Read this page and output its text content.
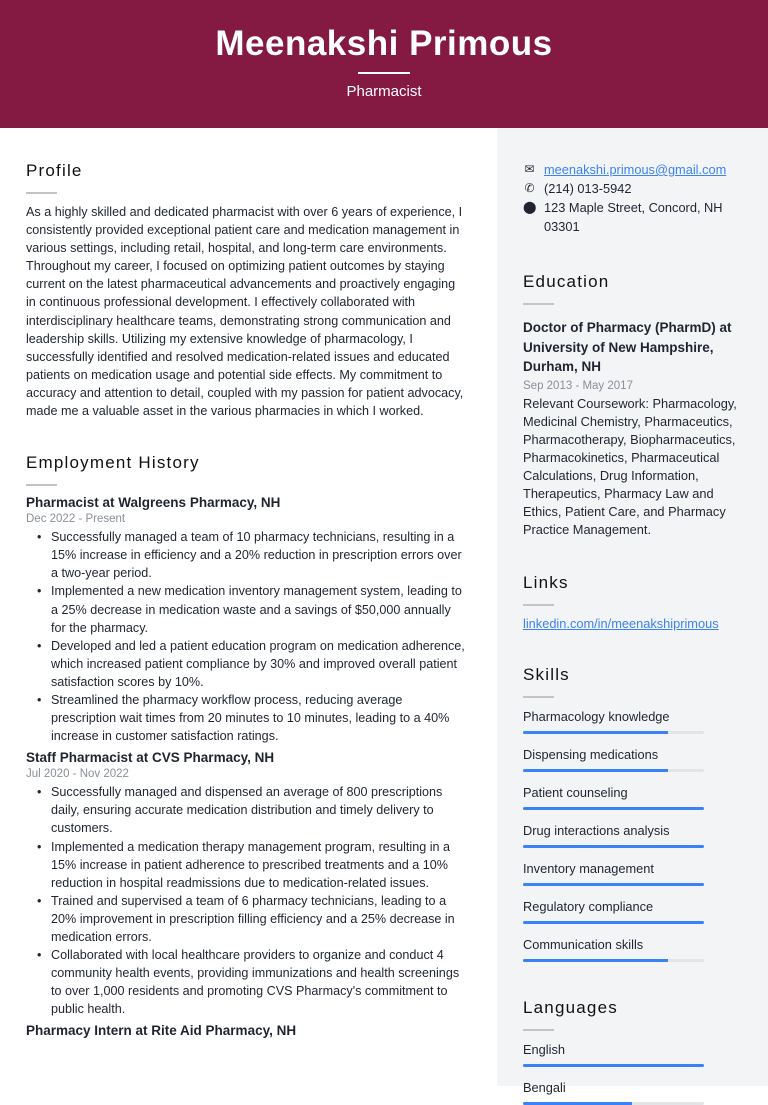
Meenakshi Primous
Pharmacist
Profile

As a highly skilled and dedicated pharmacist with over 6 years of experience, I consistently provided exceptional patient care and medication management in various settings, including retail, hospital, and long-term care environments. Throughout my career, I focused on optimizing patient outcomes by staying current on the latest pharmaceutical advancements and proactively engaging in continuous professional development. I effectively collaborated with interdisciplinary healthcare teams, demonstrating strong communication and leadership skills. Utilizing my extensive knowledge of pharmacology, I successfully identified and resolved medication-related issues and educated patients on medication usage and potential side effects. My commitment to accuracy and attention to detail, coupled with my passion for patient advocacy, made me a valuable asset in the various pharmacies in which I worked.

Employment History
Pharmacist at Walgreens Pharmacy, NH
Dec 2022 - Present
• Successfully managed a team of 10 pharmacy technicians, resulting in a 15% increase in efficiency and a 20% reduction in prescription errors over a two-year period.
• Implemented a new medication inventory management system, leading to a 25% decrease in medication waste and a savings of $50,000 annually for the pharmacy.
• Developed and led a patient education program on medication adherence, which increased patient compliance by 30% and improved overall patient satisfaction scores by 10%.
• Streamlined the pharmacy workflow process, reducing average prescription wait times from 20 minutes to 10 minutes, leading to a 40% increase in customer satisfaction ratings.
Staff Pharmacist at CVS Pharmacy, NH
Jul 2020 - Nov 2022
• Successfully managed and dispensed an average of 800 prescriptions daily, ensuring accurate medication distribution and timely delivery to customers.
• Implemented a medication therapy management program, resulting in a 15% increase in patient adherence to prescribed treatments and a 10% reduction in hospital readmissions due to medication-related issues.
• Trained and supervised a team of 6 pharmacy technicians, leading to a 20% improvement in prescription filling efficiency and a 25% decrease in medication errors.
• Collaborated with local healthcare providers to organize and conduct 4 community health events, providing immunizations and health screenings to over 1,000 residents and promoting CVS Pharmacy's commitment to public health.
Pharmacy Intern at Rite Aid Pharmacy, NH
✉ meenakshi.primous@gmail.com
✆ (214) 013-5942
⬤ 123 Maple Street, Concord, NH 03301
Education
Doctor of Pharmacy (PharmD) at University of New Hampshire, Durham, NH
Sep 2013 - May 2017

Relevant Coursework: Pharmacology, Medicinal Chemistry, Pharmaceutics, Pharmacotherapy, Biopharmaceutics, Pharmacokinetics, Pharmaceutical Calculations, Drug Information, Therapeutics, Pharmacy Law and Ethics, Patient Care, and Pharmacy Practice Management.

Links
linkedin.com/in/meenakshiprimous
Skills
Pharmacology knowledge
Dispensing medications
Patient counseling
Drug interactions analysis
Inventory management
Regulatory compliance
Communication skills
Languages
English
Bengali
